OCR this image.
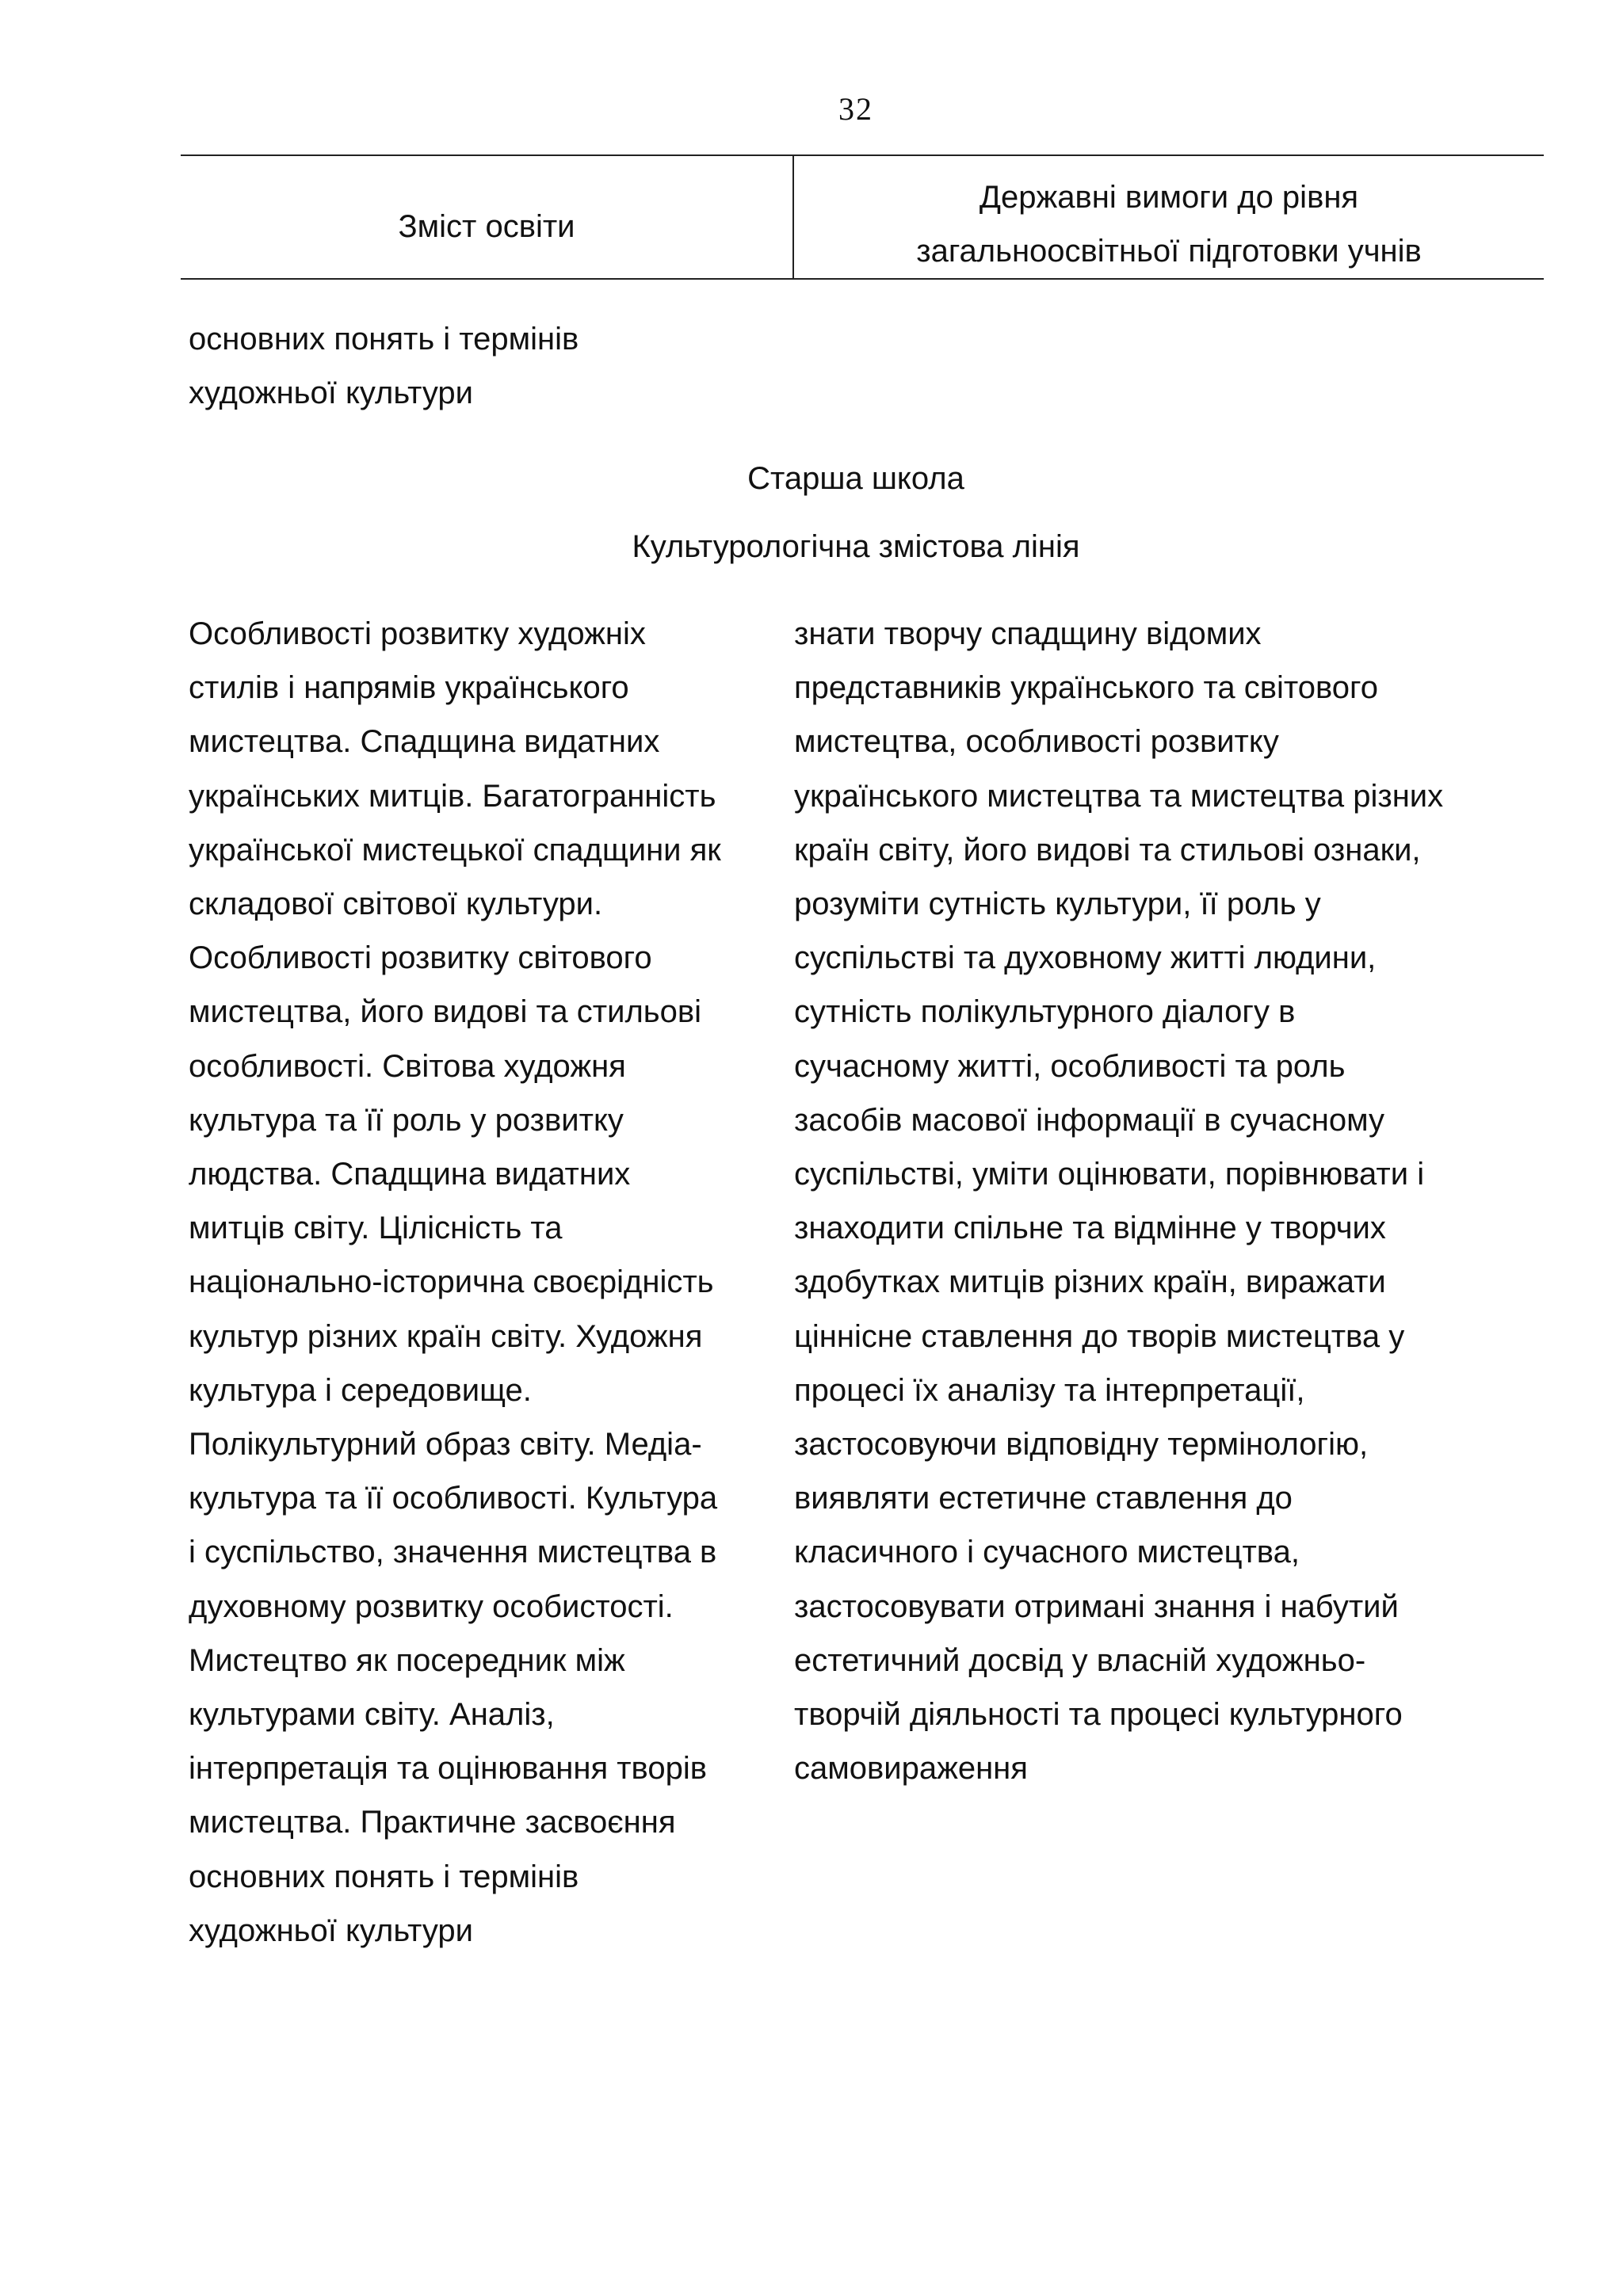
32
Зміст освіти
Державні вимоги до рівня
загальноосвітньої підготовки учнів
основних понять і термінів
художньої культури
Старша школа
Культурологічна змістова лінія
Особливості розвитку художніх
стилів і напрямів українського
мистецтва. Спадщина видатних
українських митців. Багатогранність
української мистецької спадщини як
складової світової культури.
Особливості розвитку світового
мистецтва, його видові та стильові
особливості. Світова художня
культура та її роль у розвитку
людства. Спадщина видатних
митців світу. Цілісність та
національно-історична своєрідність
культур різних країн світу. Художня
культура і середовище.
Полікультурний образ світу. Медіа-
культура та її особливості. Культура
і суспільство, значення мистецтва в
духовному розвитку особистості.
Мистецтво як посередник між
культурами світу. Аналіз,
інтерпретація та оцінювання творів
мистецтва. Практичне засвоєння
основних понять і термінів
художньої культури
знати творчу спадщину відомих
представників українського та світового
мистецтва, особливості розвитку
українського мистецтва та мистецтва різних
країн світу, його видові та стильові ознаки,
розуміти сутність культури, її роль у
суспільстві та духовному житті людини,
сутність полікультурного діалогу в
сучасному житті, особливості та роль
засобів масової інформації в сучасному
суспільстві, уміти оцінювати, порівнювати і
знаходити спільне та відмінне у творчих
здобутках митців різних країн, виражати
ціннісне ставлення до творів мистецтва у
процесі їх аналізу та інтерпретації,
застосовуючи відповідну термінологію,
виявляти естетичне ставлення до
класичного і сучасного мистецтва,
застосовувати отримані знання і набутий
естетичний досвід у власній художньо-
творчій діяльності та процесі культурного
самовираження
